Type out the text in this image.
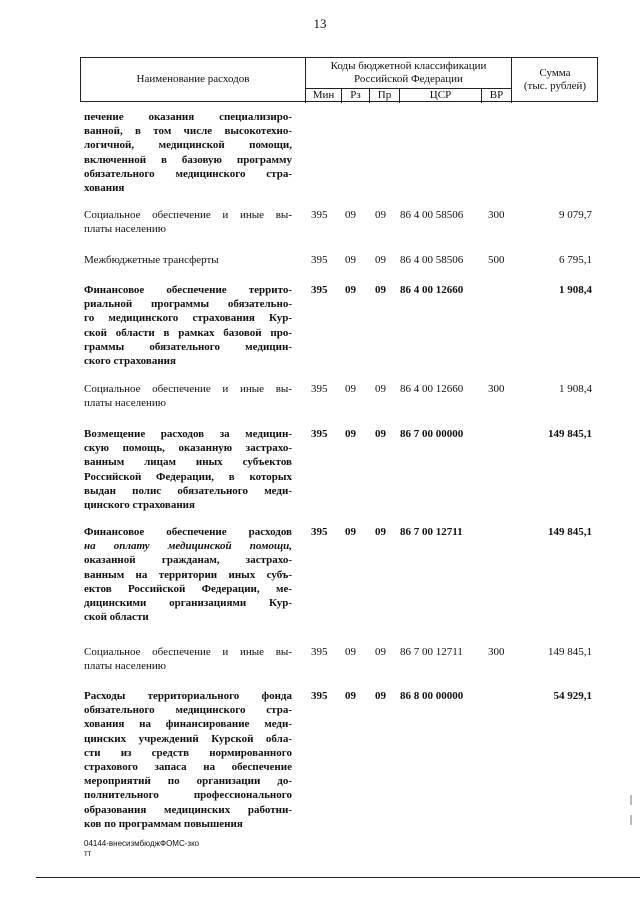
13
Наименование расходов
Коды бюджетной классификации
Российской Федерации
Мин	Рз	Пр	ЦСР	ВР
Сумма
(тыс. рублей)
печение оказания специализиро-
ванной, в том числе высокотехно-
логичной, медицинской помощи,
включенной в базовую программу
обязательного медицинского стра-
хования
Социальное обеспечение и иные вы-
платы населению
395 09 09 86 4 00 58506 300	9 079,7
Межбюджетные трансферты	395 09 09 86 4 00 58506 500	6 795,1
Финансовое обеспечение террито-
риальной программы обязательно-
го медицинского страхования Кур-
ской области в рамках базовой про-
граммы обязательного медицин-
ского страхования
395 09 09 86 4 00 12660	1 908,4
Социальное обеспечение и иные вы-
платы населению
395 09 09 86 4 00 12660 300	1 908,4
Возмещение расходов за медицин-
скую помощь, оказанную застрахо-
ванным лицам иных субъектов
Российской Федерации, в которых
выдан полис обязательного меди-
цинского страхования
395 09 09 86 7 00 00000	149 845,1
Финансовое обеспечение расходов
на оплату медицинской помощи,
оказанной гражданам, застрахо-
ванным на территории иных субъ-
ектов Российской Федерации, ме-
дицинскими организациями Кур-
ской области
395 09 09 86 7 00 12711	149 845,1
Социальное обеспечение и иные вы-
платы населению
395 09 09 86 7 00 12711 300	149 845,1
Расходы территориального фонда
обязательного медицинского стра-
хования на финансирование меди-
цинских учреждений Курской обла-
сти из средств нормированного
страхового запаса на обеспечение
мероприятий по организации до-
полнительного профессионального
образования медицинских работни-
ков по программам повышения
395 09 09 86 8 00 00000	54 929,1
04144-внесизмбюджФОМС-зко
тт
